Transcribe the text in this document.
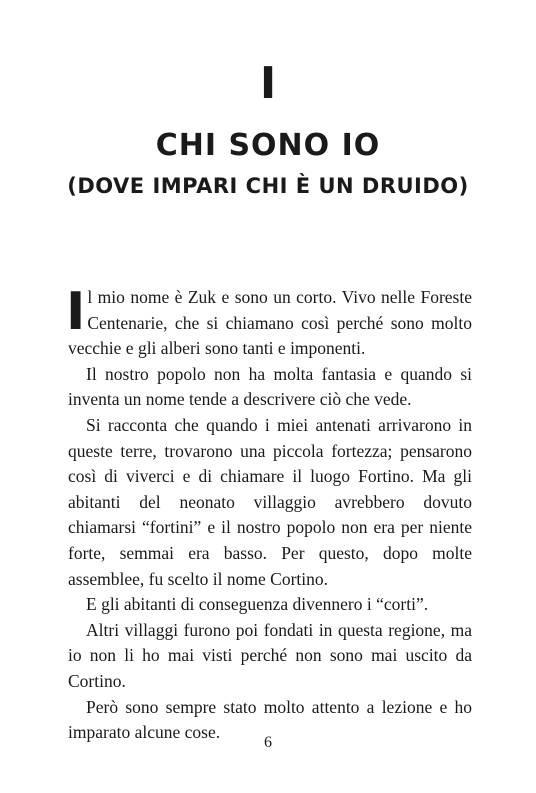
I
CHI SONO IO
(DOVE IMPARI CHI È UN DRUIDO)

Il mio nome è Zuk e sono un corto. Vivo nelle Foreste Centenarie, che si chiamano così perché sono molto vecchie e gli alberi sono tanti e imponenti.

Il nostro popolo non ha molta fantasia e quando si inventa un nome tende a descrivere ciò che vede.

Si racconta che quando i miei antenati arrivarono in queste terre, trovarono una piccola fortezza; pensarono così di viverci e di chiamare il luogo Fortino. Ma gli abitanti del neonato villaggio avrebbero dovuto chiamarsi “fortini” e il nostro popolo non era per niente forte, semmai era basso. Per questo, dopo molte assemblee, fu scelto il nome Cortino.

E gli abitanti di conseguenza divennero i “corti”.

Altri villaggi furono poi fondati in questa regione, ma io non li ho mai visti perché non sono mai uscito da Cortino.

Però sono sempre stato molto attento a lezione e ho imparato alcune cose.

6
